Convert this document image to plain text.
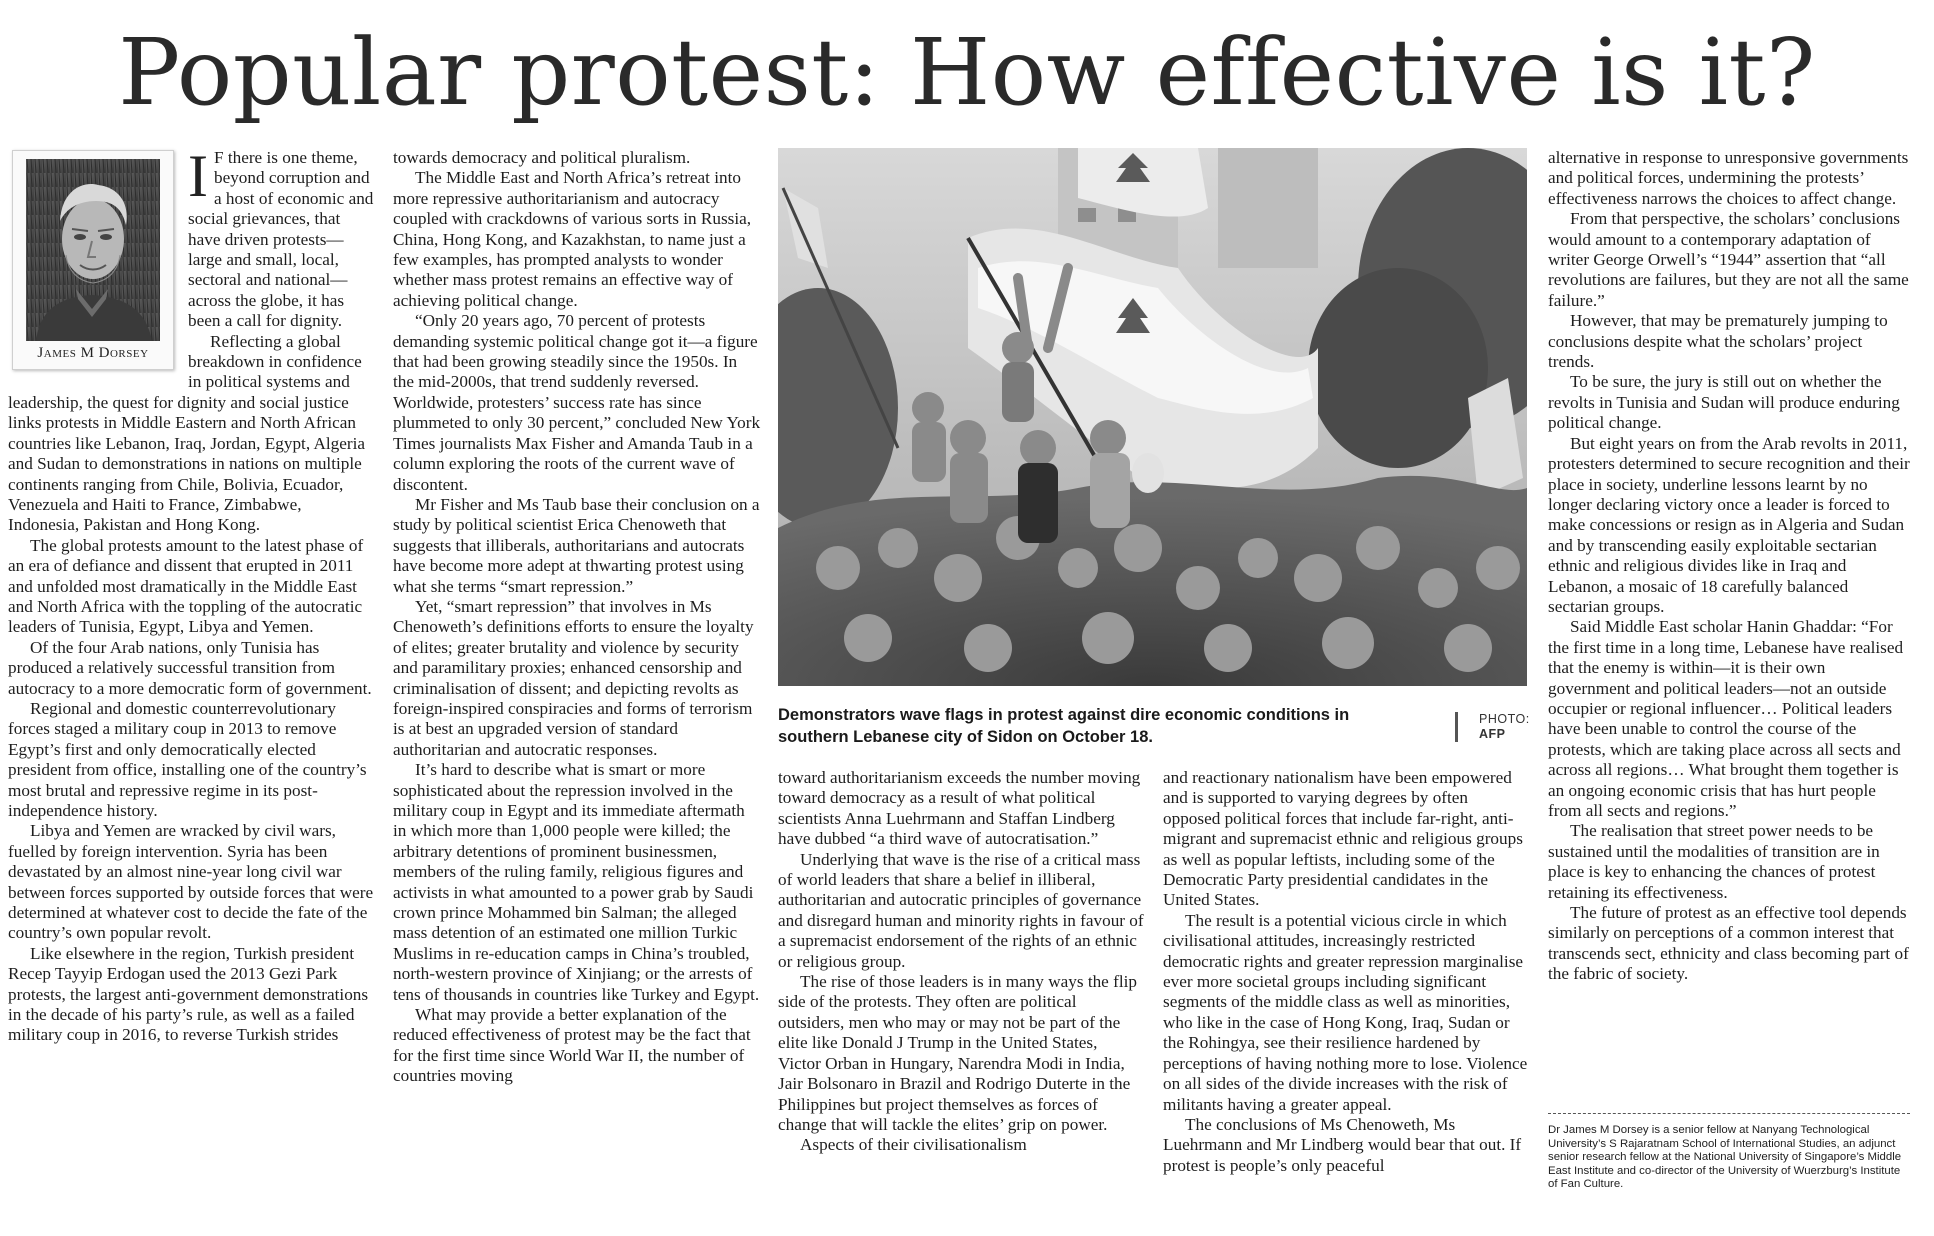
Popular protest: How effective is it?
James M Dorsey
I F there is one theme, beyond corruption and a host of economic and social grievances, that have driven protests—large and small, local, sectoral and national—across the globe, it has been a call for dignity.

Reflecting a global breakdown in confidence in political systems and leadership, the quest for dignity and social justice links protests in Middle Eastern and North African countries like Lebanon, Iraq, Jordan, Egypt, Algeria and Sudan to demonstrations in nations on multiple continents ranging from Chile, Bolivia, Ecuador, Venezuela and Haiti to France, Zimbabwe, Indonesia, Pakistan and Hong Kong.

The global protests amount to the latest phase of an era of defiance and dissent that erupted in 2011 and unfolded most dramatically in the Middle East and North Africa with the toppling of the autocratic leaders of Tunisia, Egypt, Libya and Yemen.

Of the four Arab nations, only Tunisia has produced a relatively successful transition from autocracy to a more democratic form of government.

Regional and domestic counterrevolutionary forces staged a military coup in 2013 to remove Egypt’s first and only democratically elected president from office, installing one of the country’s most brutal and repressive regime in its post-independence history.

Libya and Yemen are wracked by civil wars, fuelled by foreign intervention. Syria has been devastated by an almost nine-year long civil war between forces supported by outside forces that were determined at whatever cost to decide the fate of the country’s own popular revolt.

Like elsewhere in the region, Turkish president Recep Tayyip Erdogan used the 2013 Gezi Park protests, the largest anti-government demonstrations in the decade of his party’s rule, as well as a failed military coup in 2016, to reverse Turkish strides

towards democracy and political pluralism.

The Middle East and North Africa’s retreat into more repressive authoritarianism and autocracy coupled with crackdowns of various sorts in Russia, China, Hong Kong, and Kazakhstan, to name just a few examples, has prompted analysts to wonder whether mass protest remains an effective way of achieving political change.

“Only 20 years ago, 70 percent of protests demanding systemic political change got it—a figure that had been growing steadily since the 1950s. In the mid-2000s, that trend suddenly reversed. Worldwide, protesters’ success rate has since plummeted to only 30 percent,” concluded New York Times journalists Max Fisher and Amanda Taub in a column exploring the roots of the current wave of discontent.

Mr Fisher and Ms Taub base their conclusion on a study by political scientist Erica Chenoweth that suggests that illiberals, authoritarians and autocrats have become more adept at thwarting protest using what she terms “smart repression.”

Yet, “smart repression” that involves in Ms Chenoweth’s definitions efforts to ensure the loyalty of elites; greater brutality and violence by security and paramilitary proxies; enhanced censorship and criminalisation of dissent; and depicting revolts as foreign-inspired conspiracies and forms of terrorism is at best an upgraded version of standard authoritarian and autocratic responses.

It’s hard to describe what is smart or more sophisticated about the repression involved in the military coup in Egypt and its immediate aftermath in which more than 1,000 people were killed; the arbitrary detentions of prominent businessmen, members of the ruling family, religious figures and activists in what amounted to a power grab by Saudi crown prince Mohammed bin Salman; the alleged mass detention of an estimated one million Turkic Muslims in re-education camps in China’s troubled, north-western province of Xinjiang; or the arrests of tens of thousands in countries like Turkey and Egypt.

What may provide a better explanation of the reduced effectiveness of protest may be the fact that for the first time since World War II, the number of countries moving

Demonstrators wave flags in protest against dire economic conditions in southern Lebanese city of Sidon on October 18.
PHOTO:
AFP

toward authoritarianism exceeds the number moving toward democracy as a result of what political scientists Anna Luehrmann and Staffan Lindberg have dubbed “a third wave of autocratisation.”

Underlying that wave is the rise of a critical mass of world leaders that share a belief in illiberal, authoritarian and autocratic principles of governance and disregard human and minority rights in favour of a supremacist endorsement of the rights of an ethnic or religious group.

The rise of those leaders is in many ways the flip side of the protests. They often are political outsiders, men who may or may not be part of the elite like Donald J Trump in the United States, Victor Orban in Hungary, Narendra Modi in India, Jair Bolsonaro in Brazil and Rodrigo Duterte in the Philippines but project themselves as forces of change that will tackle the elites’ grip on power.

Aspects of their civilisationalism

and reactionary nationalism have been empowered and is supported to varying degrees by often opposed political forces that include far-right, anti-migrant and supremacist ethnic and religious groups as well as popular leftists, including some of the Democratic Party presidential candidates in the United States.

The result is a potential vicious circle in which civilisational attitudes, increasingly restricted democratic rights and greater repression marginalise ever more societal groups including significant segments of the middle class as well as minorities, who like in the case of Hong Kong, Iraq, Sudan or the Rohingya, see their resilience hardened by perceptions of having nothing more to lose. Violence on all sides of the divide increases with the risk of militants having a greater appeal.

The conclusions of Ms Chenoweth, Ms Luehrmann and Mr Lindberg would bear that out. If protest is people’s only peaceful

alternative in response to unresponsive governments and political forces, undermining the protests’ effectiveness narrows the choices to affect change.

From that perspective, the scholars’ conclusions would amount to a contemporary adaptation of writer George Orwell’s “1944” assertion that “all revolutions are failures, but they are not all the same failure.”

However, that may be prematurely jumping to conclusions despite what the scholars’ project trends.

To be sure, the jury is still out on whether the revolts in Tunisia and Sudan will produce enduring political change.

But eight years on from the Arab revolts in 2011, protesters determined to secure recognition and their place in society, underline lessons learnt by no longer declaring victory once a leader is forced to make concessions or resign as in Algeria and Sudan and by transcending easily exploitable sectarian ethnic and religious divides like in Iraq and Lebanon, a mosaic of 18 carefully balanced sectarian groups.

Said Middle East scholar Hanin Ghaddar: “For the first time in a long time, Lebanese have realised that the enemy is within—it is their own government and political leaders—not an outside occupier or regional influencer… Political leaders have been unable to control the course of the protests, which are taking place across all sects and across all regions… What brought them together is an ongoing economic crisis that has hurt people from all sects and regions.”

The realisation that street power needs to be sustained until the modalities of transition are in place is key to enhancing the chances of protest retaining its effectiveness.

The future of protest as an effective tool depends similarly on perceptions of a common interest that transcends sect, ethnicity and class becoming part of the fabric of society.

Dr James M Dorsey is a senior fellow at Nanyang Technological University’s S Rajaratnam School of International Studies, an adjunct senior research fellow at the National University of Singapore’s Middle East Institute and co-director of the University of Wuerzburg’s Institute of Fan Culture.
